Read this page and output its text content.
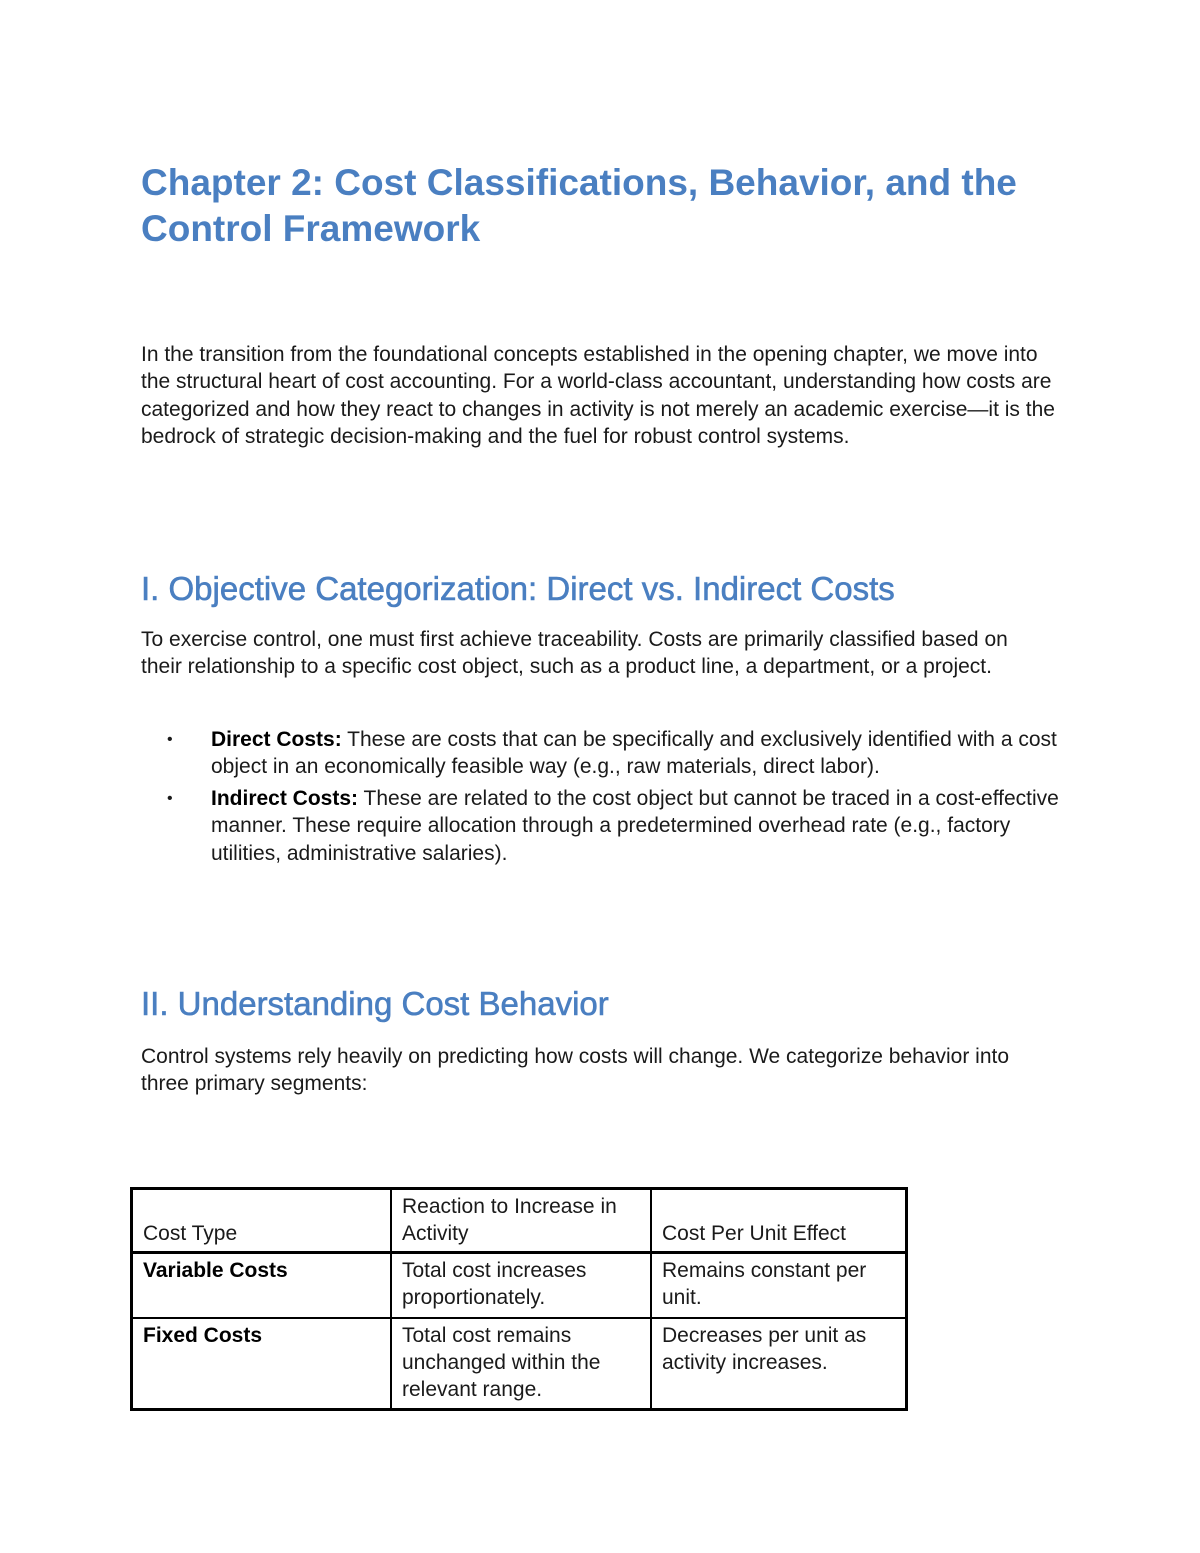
Chapter 2: Cost Classifications, Behavior, and the Control Framework

In the transition from the foundational concepts established in the opening chapter, we move into the structural heart of cost accounting. For a world-class accountant, understanding how costs are categorized and how they react to changes in activity is not merely an academic exercise—it is the bedrock of strategic decision-making and the fuel for robust control systems.

I. Objective Categorization: Direct vs. Indirect Costs

To exercise control, one must first achieve traceability. Costs are primarily classified based on their relationship to a specific cost object, such as a product line, a department, or a project.

• Direct Costs: These are costs that can be specifically and exclusively identified with a cost object in an economically feasible way (e.g., raw materials, direct labor).
• Indirect Costs: These are related to the cost object but cannot be traced in a cost-effective manner. These require allocation through a predetermined overhead rate (e.g., factory utilities, administrative salaries).
II. Understanding Cost Behavior

Control systems rely heavily on predicting how costs will change. We categorize behavior into three primary segments:

Cost Type	Reaction to Increase in Activity	Cost Per Unit Effect
Variable Costs	Total cost increases proportionately.	Remains constant per unit.
Fixed Costs	Total cost remains unchanged within the relevant range.	Decreases per unit as activity increases.
